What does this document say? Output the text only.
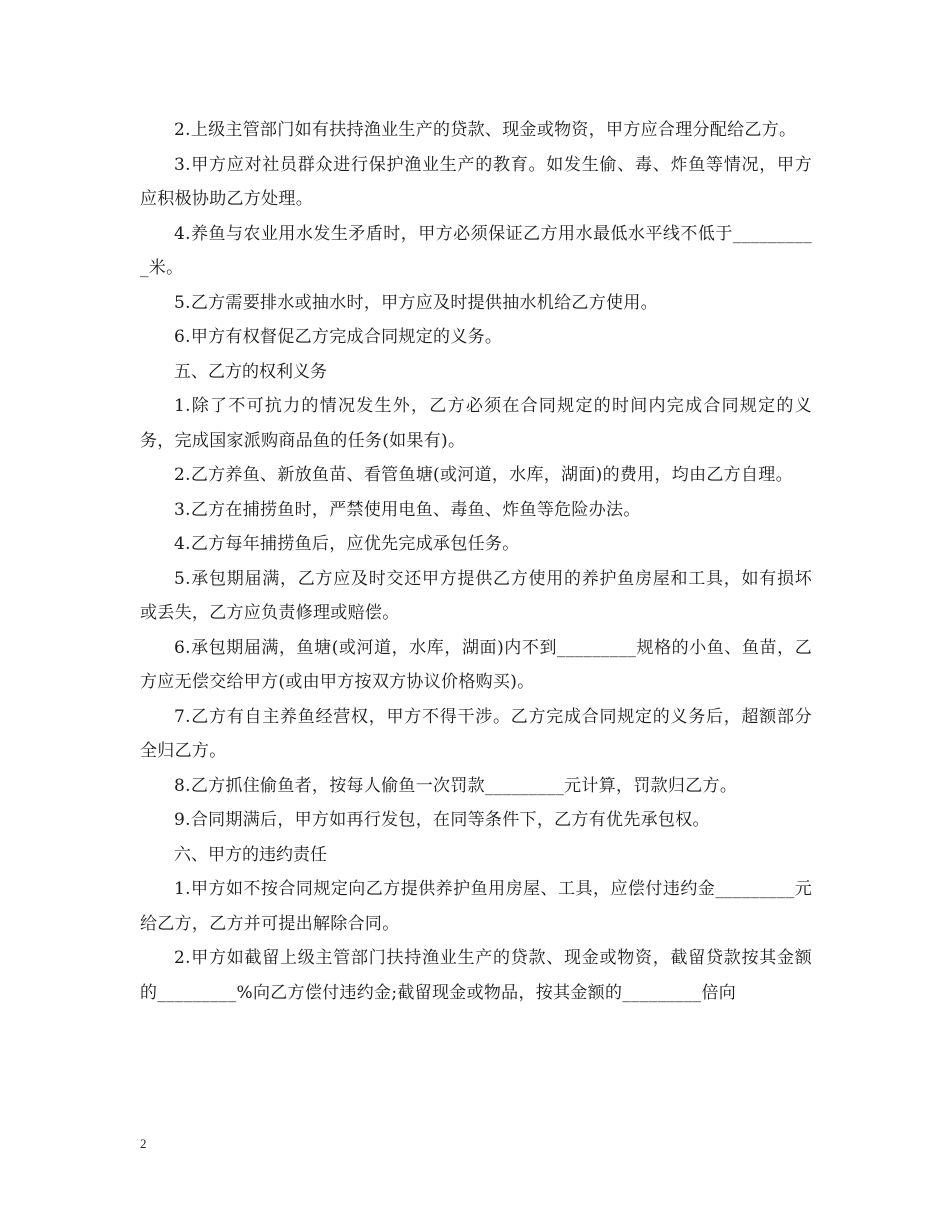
2.上级主管部门如有扶持渔业生产的贷款、现金或物资，甲方应合理分配给乙方。

3.甲方应对社员群众进行保护渔业生产的教育。如发生偷、毒、炸鱼等情况，甲方应积极协助乙方处理。

4.养鱼与农业用水发生矛盾时，甲方必须保证乙方用水最低水平线不低于__________米。

5.乙方需要排水或抽水时，甲方应及时提供抽水机给乙方使用。

6.甲方有权督促乙方完成合同规定的义务。

五、乙方的权利义务

1.除了不可抗力的情况发生外，乙方必须在合同规定的时间内完成合同规定的义务，完成国家派购商品鱼的任务(如果有)。

2.乙方养鱼、新放鱼苗、看管鱼塘(或河道，水库，湖面)的费用，均由乙方自理。

3.乙方在捕捞鱼时，严禁使用电鱼、毒鱼、炸鱼等危险办法。

4.乙方每年捕捞鱼后，应优先完成承包任务。

5.承包期届满，乙方应及时交还甲方提供乙方使用的养护鱼房屋和工具，如有损坏或丢失，乙方应负责修理或赔偿。

6.承包期届满，鱼塘(或河道，水库，湖面)内不到_________规格的小鱼、鱼苗，乙方应无偿交给甲方(或由甲方按双方协议价格购买)。

7.乙方有自主养鱼经营权，甲方不得干涉。乙方完成合同规定的义务后，超额部分全归乙方。

8.乙方抓住偷鱼者，按每人偷鱼一次罚款_________元计算，罚款归乙方。

9.合同期满后，甲方如再行发包，在同等条件下，乙方有优先承包权。

六、甲方的违约责任

1.甲方如不按合同规定向乙方提供养护鱼用房屋、工具，应偿付违约金_________元给乙方，乙方并可提出解除合同。

2.甲方如截留上级主管部门扶持渔业生产的贷款、现金或物资，截留贷款按其金额的_________%向乙方偿付违约金;截留现金或物品，按其金额的_________倍向

2
